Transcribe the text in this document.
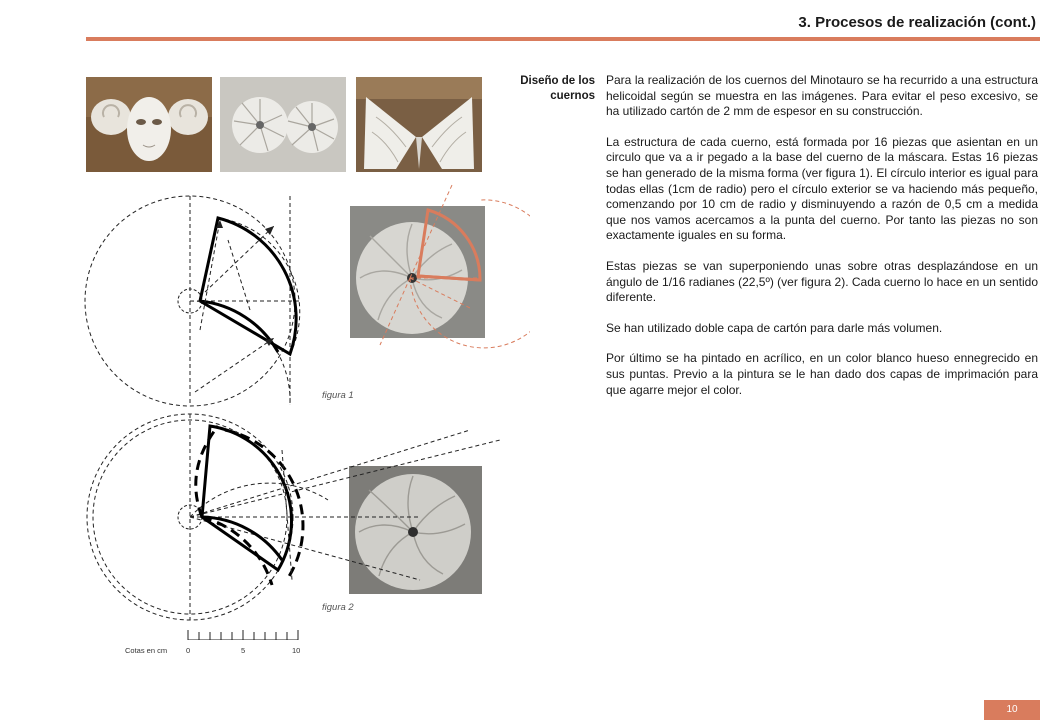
3. Procesos de realización (cont.)
figura 1
figura 2
Cotas en cm	0	5	10
Diseño de los cuernos

Para la realización de los cuernos del Minotauro se ha recurrido a una estructura helicoidal según se muestra en las imágenes. Para evitar el peso excesivo, se ha utilizado cartón de 2 mm de espesor en su construcción.

La estructura de cada cuerno, está formada por 16 piezas que asientan en un circulo que va a ir pegado a la base del cuerno de la máscara. Estas 16 piezas se han generado de la misma forma (ver figura 1). El círculo interior es igual para todas ellas (1cm de radio) pero el círculo exterior se va haciendo más pequeño, comenzando por 10 cm de radio y disminuyendo a razón de 0,5 cm a medida que nos vamos acercamos a la punta del cuerno. Por tanto las piezas no son exactamente iguales en su forma.

Estas piezas se van superponiendo unas sobre otras desplazándose en un ángulo de 1/16 radianes (22,5º) (ver figura 2). Cada cuerno lo hace en un sentido diferente.

Se han utilizado doble capa de cartón para darle más volumen.

Por último se ha pintado en acrílico, en un color blanco hueso ennegrecido en sus puntas. Previo a la pintura se le han dado dos capas de imprimación para que agarre mejor el color.

10
